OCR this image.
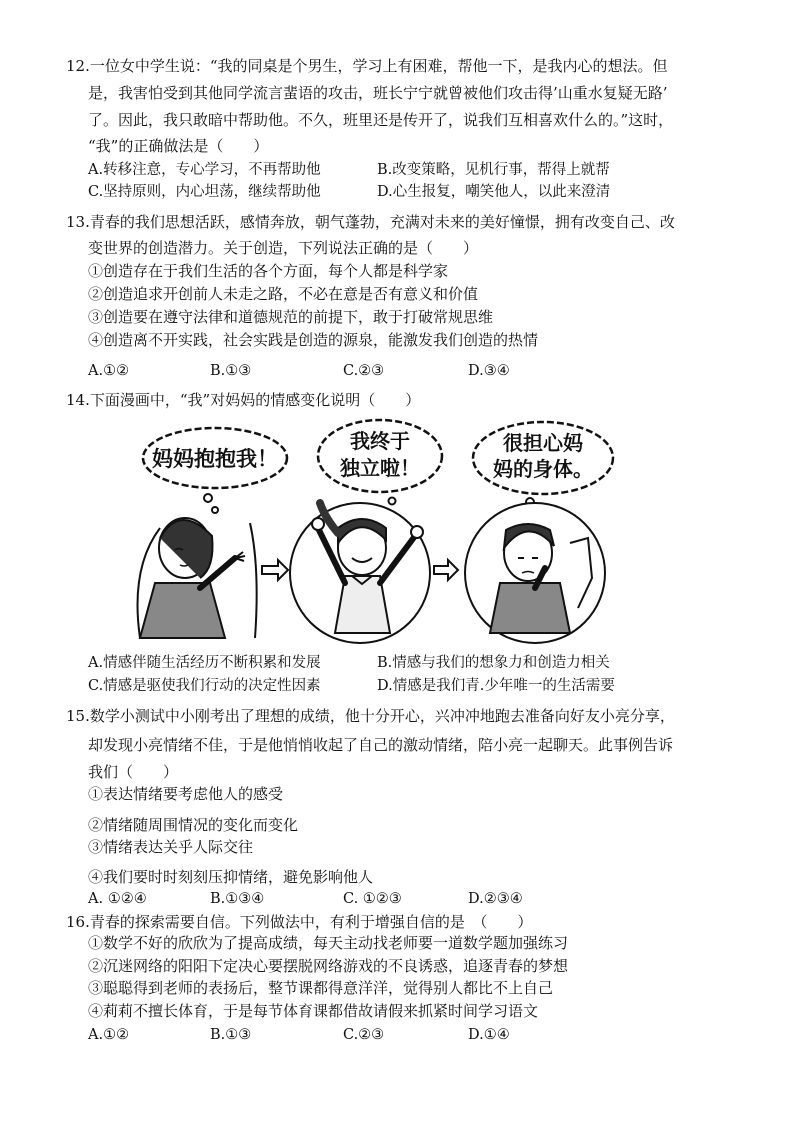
12.一位女中学生说：“我的同桌是个男生，学习上有困难，帮他一下，是我内心的想法。但
是，我害怕受到其他同学流言蜚语的攻击，班长宁宁就曾被他们攻击得’山重水复疑无路’
了。因此，我只敢暗中帮助他。不久，班里还是传开了，说我们互相喜欢什么的。”这时，
“我”的正确做法是（　　）
A.转移注意，专心学习，不再帮助他	B.改变策略，见机行事，帮得上就帮
C.坚持原则，内心坦荡，继续帮助他	D.心生报复，嘲笑他人，以此来澄清
13.青春的我们思想活跃，感情奔放，朝气蓬勃，充满对未来的美好憧憬，拥有改变自己、改
变世界的创造潜力。关于创造，下列说法正确的是（　　）
①创造存在于我们生活的各个方面，每个人都是科学家
②创造追求开创前人未走之路，不必在意是否有意义和价值
③创造要在遵守法律和道德规范的前提下，敢于打破常规思维
④创造离不开实践，社会实践是创造的源泉，能激发我们创造的热情
A.①②	B.①③	C.②③	D.③④
14.下面漫画中，“我”对妈妈的情感变化说明（　　）
妈妈抱抱我！
我终于
独立啦！
很担心妈
妈的身体。
A.情感伴随生活经历不断积累和发展	B.情感与我们的想象力和创造力相关
C.情感是驱使我们行动的决定性因素	D.情感是我们青.少年唯一的生活需要
15.数学小测试中小刚考出了理想的成绩，他十分开心，兴冲冲地跑去准备向好友小亮分享，
却发现小亮情绪不佳，于是他悄悄收起了自己的激动情绪，陪小亮一起聊天。此事例告诉
我们（　　）
①表达情绪要考虑他人的感受
②情绪随周围情况的变化而变化
③情绪表达关乎人际交往
④我们要时时刻刻压抑情绪，避免影响他人
A. ①②④	B.①③④	C. ①②③	D.②③④
16.青春的探索需要自信。下列做法中，有利于增强自信的是　（　　）
①数学不好的欣欣为了提高成绩，每天主动找老师要一道数学题加强练习
②沉迷网络的阳阳下定决心要摆脱网络游戏的不良诱惑，追逐青春的梦想
③聪聪得到老师的表扬后，整节课都得意洋洋，觉得别人都比不上自己
④莉莉不擅长体育，于是每节体育课都借故请假来抓紧时间学习语文
A.①②	B.①③	C.②③	D.①④
